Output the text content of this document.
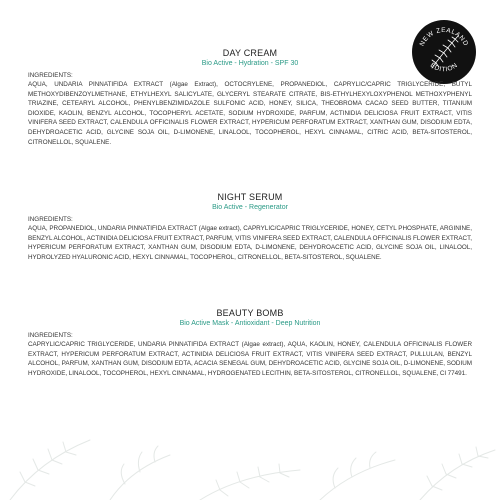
NEW ZEALAND
EDITION
DAY CREAM
Bio Active - Hydration - SPF 30
INGREDIENTS:
AQUA, UNDARIA PINNATIFIDA EXTRACT (Algae Extract), OCTOCRYLENE, PROPANEDIOL, CAPRYLIC/CAPRIC TRIGLYCERIDE, BUTYL METHOXYDIBENZOYLMETHANE, ETHYLHEXYL SALICYLATE, GLYCERYL STEARATE CITRATE, BIS-ETHYLHEXYLOXYPHENOL METHOXYPHENYL TRIAZINE, CETEARYL ALCOHOL, PHENYLBENZIMIDAZOLE SULFONIC ACID, HONEY, SILICA, THEOBROMA CACAO SEED BUTTER, TITANIUM DIOXIDE, KAOLIN, BENZYL ALCOHOL, TOCOPHERYL ACETATE, SODIUM HYDROXIDE, PARFUM, ACTINIDIA DELICIOSA FRUIT EXTRACT, VITIS VINIFERA SEED EXTRACT, CALENDULA OFFICINALIS FLOWER EXTRACT, HYPERICUM PERFORATUM EXTRACT, XANTHAN GUM, DISODIUM EDTA, DEHYDROACETIC ACID, GLYCINE SOJA OIL, D-LIMONENE, LINALOOL, TOCOPHEROL, HEXYL CINNAMAL, CITRIC ACID, BETA-SITOSTEROL, CITRONELLOL, SQUALENE.
NIGHT SERUM
Bio Active - Regenerator
INGREDIENTS:
AQUA, PROPANEDIOL, UNDARIA PINNATIFIDA EXTRACT (Algae extract), CAPRYLIC/CAPRIC TRIGLYCERIDE, HONEY, CETYL PHOSPHATE, ARGININE, BENZYL ALCOHOL, ACTINIDIA DELICIOSA FRUIT EXTRACT, PARFUM, VITIS VINIFERA SEED EXTRACT, CALENDULA OFFICINALIS FLOWER EXTRACT, HYPERICUM PERFORATUM EXTRACT, XANTHAN GUM, DISODIUM EDTA, D-LIMONENE, DEHYDROACETIC ACID, GLYCINE SOJA OIL, LINALOOL, HYDROLYZED HYALURONIC ACID, HEXYL CINNAMAL, TOCOPHEROL, CITRONELLOL, BETA-SITOSTEROL, SQUALENE.
BEAUTY BOMB
Bio Active Mask - Antioxidant - Deep Nutrition
INGREDIENTS:
CAPRYLIC/CAPRIC TRIGLYCERIDE, UNDARIA PINNATIFIDA EXTRACT (Algae extract), AQUA, KAOLIN, HONEY, CALENDULA OFFICINALIS FLOWER EXTRACT, HYPERICUM PERFORATUM EXTRACT, ACTINIDIA DELICIOSA FRUIT EXTRACT, VITIS VINIFERA SEED EXTRACT, PULLULAN, BENZYL ALCOHOL, PARFUM, XANTHAN GUM, DISODIUM EDTA, ACACIA SENEGAL GUM, DEHYDROACETIC ACID, GLYCINE SOJA OIL, D-LIMONENE, SODIUM HYDROXIDE, LINALOOL, TOCOPHEROL, HEXYL CINNAMAL, HYDROGENATED LECITHIN, BETA-SITOSTEROL, CITRONELLOL, SQUALENE, CI 77491.
